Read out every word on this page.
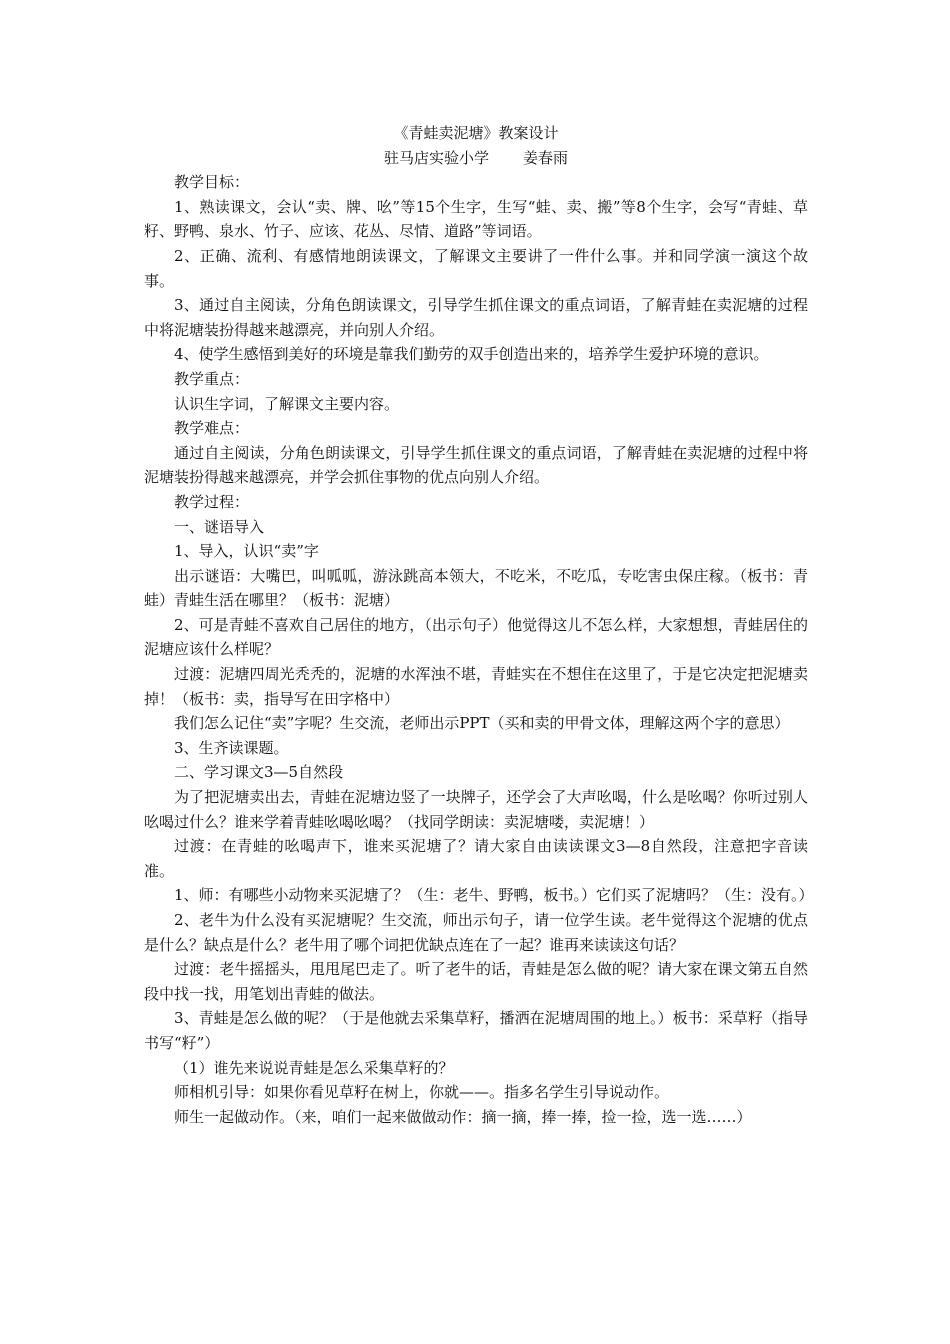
《青蛙卖泥塘》教案设计
驻马店实验小学 姜春雨

教学目标：

1、熟读课文，会认“卖、牌、吆”等15个生字，生写“蛙、卖、搬”等8个生字，会写“青蛙、草籽、野鸭、泉水、竹子、应该、花丛、尽情、道路”等词语。

2、正确、流利、有感情地朗读课文，了解课文主要讲了一件什么事。并和同学演一演这个故事。

3、通过自主阅读，分角色朗读课文，引导学生抓住课文的重点词语，了解青蛙在卖泥塘的过程中将泥塘装扮得越来越漂亮，并向别人介绍。

4、使学生感悟到美好的环境是靠我们勤劳的双手创造出来的，培养学生爱护环境的意识。

教学重点：

认识生字词，了解课文主要内容。

教学难点：

通过自主阅读，分角色朗读课文，引导学生抓住课文的重点词语，了解青蛙在卖泥塘的过程中将泥塘装扮得越来越漂亮，并学会抓住事物的优点向别人介绍。

教学过程：

一、谜语导入

1、导入，认识“卖”字

出示谜语：大嘴巴，叫呱呱，游泳跳高本领大，不吃米，不吃瓜，专吃害虫保庄稼。（板书：青蛙）青蛙生活在哪里？（板书：泥塘）

2、可是青蛙不喜欢自己居住的地方，（出示句子）他觉得这儿不怎么样，大家想想，青蛙居住的泥塘应该什么样呢？

过渡：泥塘四周光秃秃的，泥塘的水浑浊不堪，青蛙实在不想住在这里了，于是它决定把泥塘卖掉！（板书：卖，指导写在田字格中）

我们怎么记住“卖”字呢？生交流，老师出示PPT（买和卖的甲骨文体，理解这两个字的意思）

3、生齐读课题。

二、学习课文3—5自然段

为了把泥塘卖出去，青蛙在泥塘边竖了一块牌子，还学会了大声吆喝，什么是吆喝？你听过别人吆喝过什么？谁来学着青蛙吆喝吆喝？（找同学朗读：卖泥塘喽，卖泥塘！）

过渡：在青蛙的吆喝声下，谁来买泥塘了？请大家自由读读课文3—8自然段，注意把字音读准。

1、师：有哪些小动物来买泥塘了？（生：老牛、野鸭，板书。）它们买了泥塘吗？（生：没有。）

2、老牛为什么没有买泥塘呢？生交流，师出示句子，请一位学生读。老牛觉得这个泥塘的优点是什么？缺点是什么？老牛用了哪个词把优缺点连在了一起？谁再来读读这句话？

过渡：老牛摇摇头，甩甩尾巴走了。听了老牛的话，青蛙是怎么做的呢？请大家在课文第五自然段中找一找，用笔划出青蛙的做法。

3、青蛙是怎么做的呢？（于是他就去采集草籽，播洒在泥塘周围的地上。）板书：采草籽（指导书写“籽”）

（1）谁先来说说青蛙是怎么采集草籽的？

师相机引导：如果你看见草籽在树上，你就——。指多名学生引导说动作。

师生一起做动作。（来，咱们一起来做做动作：摘一摘，捧一捧，捡一捡，选一选……）
